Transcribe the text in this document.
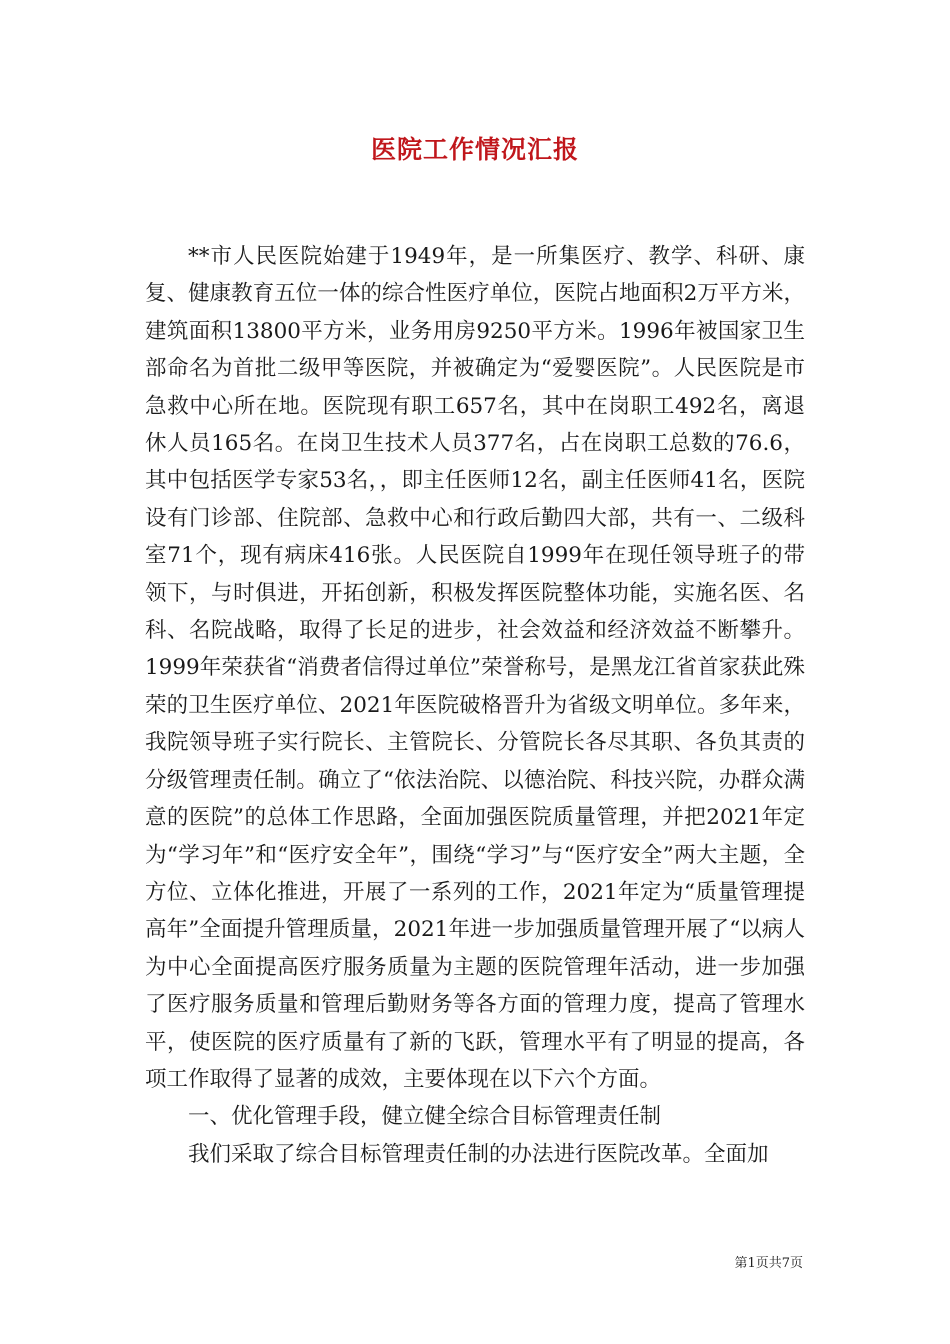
医院工作情况汇报

**市人民医院始建于1949年，是一所集医疗、教学、科研、康复、健康教育五位一体的综合性医疗单位，医院占地面积2万平方米，建筑面积13800平方米，业务用房9250平方米。1996年被国家卫生部命名为首批二级甲等医院，并被确定为“爱婴医院”。人民医院是市急救中心所在地。医院现有职工657名，其中在岗职工492名，离退休人员165名。在岗卫生技术人员377名，占在岗职工总数的76.6，其中包括医学专家53名，，即主任医师12名，副主任医师41名，医院设有门诊部、住院部、急救中心和行政后勤四大部，共有一、二级科室71个，现有病床416张。人民医院自1999年在现任领导班子的带领下，与时俱进，开拓创新，积极发挥医院整体功能，实施名医、名科、名院战略，取得了长足的进步，社会效益和经济效益不断攀升。1999年荣获省“消费者信得过单位”荣誉称号，是黑龙江省首家获此殊荣的卫生医疗单位、2021年医院破格晋升为省级文明单位。多年来，我院领导班子实行院长、主管院长、分管院长各尽其职、各负其责的分级管理责任制。确立了“依法治院、以德治院、科技兴院，办群众满意的医院”的总体工作思路，全面加强医院质量管理，并把2021年定为“学习年”和“医疗安全年”，围绕“学习”与“医疗安全”两大主题，全方位、立体化推进，开展了一系列的工作，2021年定为“质量管理提高年”全面提升管理质量，2021年进一步加强质量管理开展了“以病人为中心全面提高医疗服务质量为主题的医院管理年活动，进一步加强了医疗服务质量和管理后勤财务等各方面的管理力度，提高了管理水平，使医院的医疗质量有了新的飞跃，管理水平有了明显的提高，各项工作取得了显著的成效，主要体现在以下六个方面。

一、优化管理手段，健立健全综合目标管理责任制

我们采取了综合目标管理责任制的办法进行医院改革。全面加

第1页共7页
